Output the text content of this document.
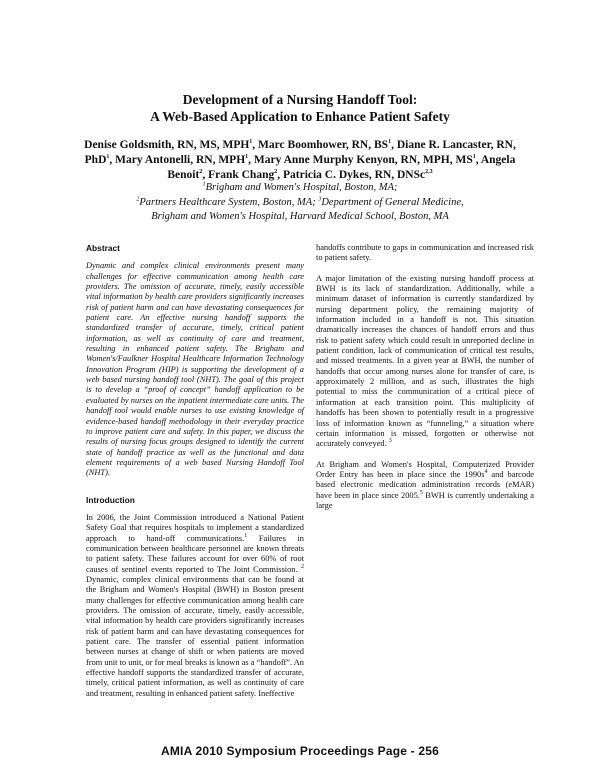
Development of a Nursing Handoff Tool:
A Web-Based Application to Enhance Patient Safety
Denise Goldsmith, RN, MS, MPH$^1$, Marc Boomhower, RN, $BS^1$, Diane R. Lancaster, RN, PhD$^1$, Mary Antonelli, RN, MPH$^1$, Mary Anne Murphy Kenyon, RN, MPH, $MS^1$, Angela Benoit$^2$, Frank Chang$^2$, Patricia C. Dykes, RN, DNSc$^{2,3}$
$^1$Brigham and Women's Hospital, Boston, MA;
$^2$Partners Healthcare System, Boston, MA; $^3$Department of General Medicine,
Brigham and Women's Hospital, Harvard Medical School, Boston, MA
Abstract

Dynamic and complex clinical environments present many challenges for effective communication among health care providers. The omission of accurate, timely, easily accessible vital information by health care providers significantly increases risk of patient harm and can have devastating consequences for patient care. An effective nursing handoff supports the standardized transfer of accurate, timely, critical patient information, as well as continuity of care and treatment, resulting in enhanced patient safety. The Brigham and Women's/Faulkner Hospital Healthcare Information Technology Innovation Program (HIP) is supporting the development of a web based nursing handoff tool (NHT). The goal of this project is to develop a “proof of concept” handoff application to be evaluated by nurses on the inpatient intermediate care units. The handoff tool would enable nurses to use existing knowledge of evidence-based handoff methodology in their everyday practice to improve patient care and safety. In this paper, we discuss the results of nursing focus groups designed to identify the current state of handoff practice as well as the functional and data element requirements of a web based Nursing Handoff Tool (NHT).

Introduction

In 2006, the Joint Commission introduced a National Patient Safety Goal that requires hospitals to implement a standardized approach to hand-off communications.$^1$ Failures in communication between healthcare personnel are known threats to patient safety. These failures account for over 60% of root causes of sentinel events reported to The Joint Commission. $^2$ Dynamic, complex clinical environments that can be found at the Brigham and Women's Hospital (BWH) in Boston present many challenges for effective communication among health care providers. The omission of accurate, timely, easily accessible, vital information by health care providers significantly increases risk of patient harm and can have devastating consequences for patient care. The transfer of essential patient information between nurses at change of shift or when patients are moved from unit to unit, or for meal breaks is known as a “handoff”. An effective handoff supports the standardized transfer of accurate, timely, critical patient information, as well as continuity of care and treatment, resulting in enhanced patient safety. Ineffective

handoffs contribute to gaps in communication and increased risk to patient safety.

A major limitation of the existing nursing handoff process at BWH is its lack of standardization. Additionally, while a minimum dataset of information is currently standardized by nursing department policy, the remaining majority of information included in a handoff is not. This situation dramatically increases the chances of handoff errors and thus risk to patient safety which could result in unreported decline in patient condition, lack of communication of critical test results, and missed treatments. In a given year at BWH, the number of handoffs that occur among nurses alone for transfer of care, is approximately 2 million, and as such, illustrates the high potential to miss the communication of a critical piece of information at each transition point. This multiplicity of handoffs has been shown to potentially result in a progressive loss of information known as “funneling,” a situation where certain information is missed, forgotten or otherwise not accurately conveyed. $^3$

At Brigham and Women's Hospital, Computerized Provider Order Entry has been in place since the $1990s^4$ and barcode based electronic medication administration records (eMAR) have been in place since 2005.$^5$ BWH is currently undertaking a large

AMIA 2010 Symposium Proceedings Page - 256
